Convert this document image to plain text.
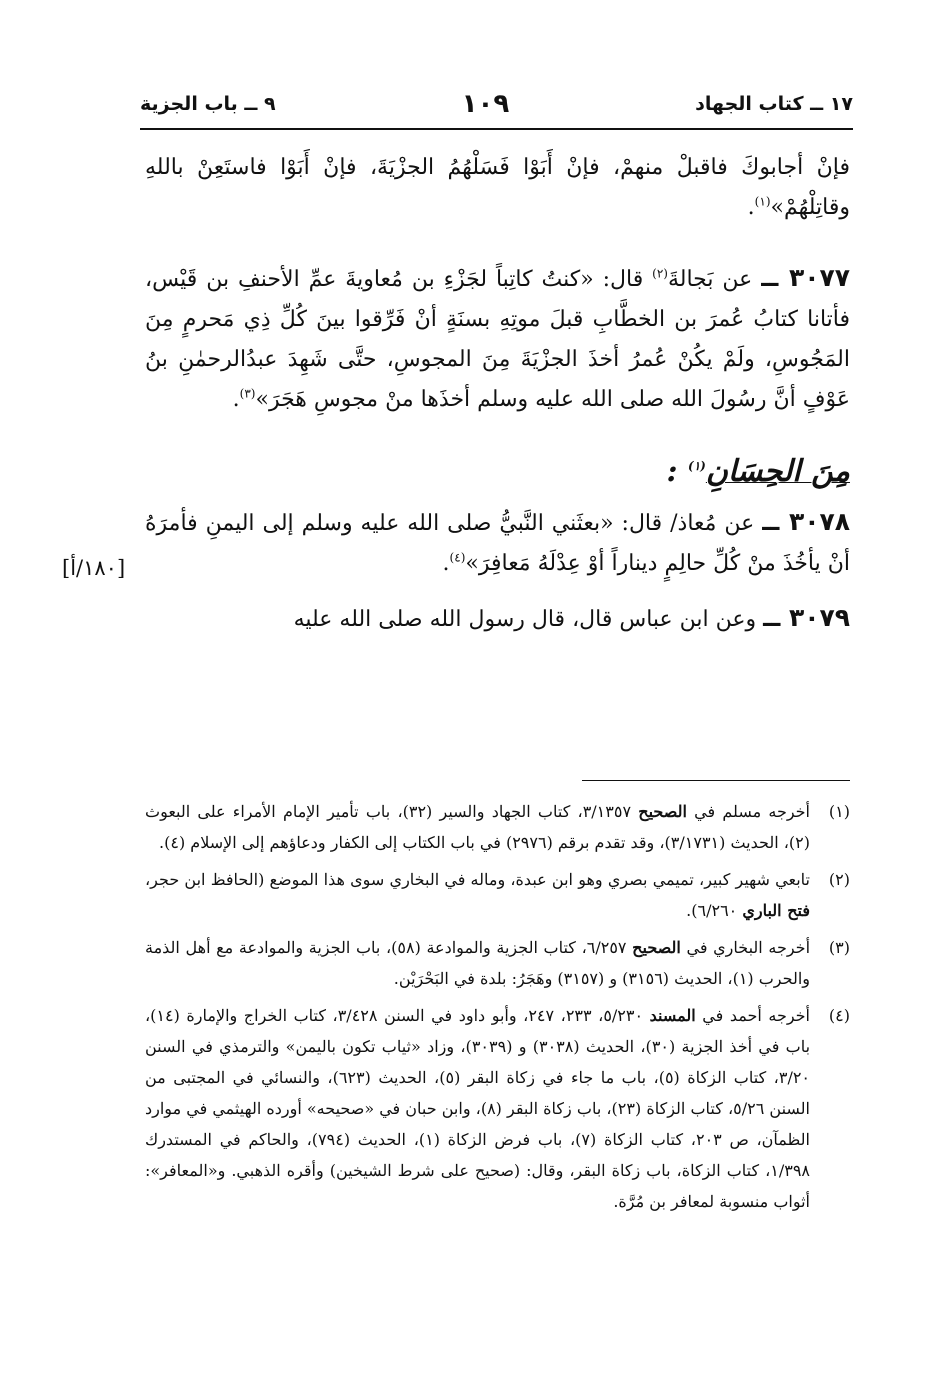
١٧ ــ كتاب الجهاد
١٠٩
٩ ــ باب الجزية
[١٨٠/أ]

فإنْ أجابوكَ فاقبلْ منهمْ، فإنْ أَبَوْا فَسَلْهُمُ الجزْيَةَ، فإنْ أَبَوْا فاستَعِنْ باللهِ وقاتِلْهُمْ»$^{(١)}$.

٣٠٧٧ ــ عن بَجالةَ$^{(٢)}$ قال: «كنتُ كاتِباً لجَزْءِ بن مُعاويةَ عمِّ الأحنفِ بن قَيْس، فأتانا كتابُ عُمرَ بن الخطَّابِ قبلَ موتِهِ بسنَةٍ أنْ فَرِّقوا بينَ كُلِّ ذِي مَحرمٍ مِنَ المَجُوسِ، ولَمْ يكُنْ عُمرُ أخذَ الجزْيَةَ مِنَ المجوسِ، حتَّى شَهِدَ عبدُالرحمٰنِ بنُ عَوْفٍ أنَّ رسُولَ الله صلى الله عليه وسلم أخذَها منْ مجوسِ هَجَرَ»$^{(٣)}$.

مِنَ الحِسَانِ$^{(١)}$ :

٣٠٧٨ ــ عن مُعاذ/ قال: «بعثَني النَّبيُّ صلى الله عليه وسلم إلى اليمنِ فأمرَهُ أنْ يأخُذَ منْ كُلِّ حالِمٍ ديناراً أوْ عِدْلَهُ مَعافِرَ»$^{(٤)}$.

٣٠٧٩ ــ وعن ابن عباس قال، قال رسول الله صلى الله عليه

(١)
أخرجه مسلم في الصحيح ٣/١٣٥٧، كتاب الجهاد والسير (٣٢)، باب تأمير الإمام الأمراء على البعوث (٢)، الحديث (٣/١٧٣١)، وقد تقدم برقم (٢٩٧٦) في باب الكتاب إلى الكفار ودعاؤهم إلى الإسلام (٤).
(٢)
تابعي شهير كبير، تميمي بصري وهو ابن عبدة، وماله في البخاري سوى هذا الموضع (الحافظ ابن حجر، فتح الباري ٦/٢٦٠).
(٣)
أخرجه البخاري في الصحيح ٦/٢٥٧، كتاب الجزية والموادعة (٥٨)، باب الجزية والموادعة مع أهل الذمة والحرب (١)، الحديث (٣١٥٦) و (٣١٥٧) وهَجَرُ: بلدة في البَحْرَيْن.
(٤)
أخرجه أحمد في المسند ٥/٢٣٠، ٢٣٣، ٢٤٧، وأبو داود في السنن ٣/٤٢٨، كتاب الخراج والإمارة (١٤)، باب في أخذ الجزية (٣٠)، الحديث (٣٠٣٨) و (٣٠٣٩)، وزاد «ثياب تكون باليمن» والترمذي في السنن ٣/٢٠، كتاب الزكاة (٥)، باب ما جاء في زكاة البقر (٥)، الحديث (٦٢٣)، والنسائي في المجتبى من السنن ٥/٢٦، كتاب الزكاة (٢٣)، باب زكاة البقر (٨)، وابن حبان في «صحيحه» أورده الهيثمي في موارد الظمآن، ص ٢٠٣، كتاب الزكاة (٧)، باب فرض الزكاة (١)، الحديث (٧٩٤)، والحاكم في المستدرك ١/٣٩٨، كتاب الزكاة، باب زكاة البقر، وقال: (صحيح على شرط الشيخين) وأقره الذهبي. و«المعافر»: أثواب منسوبة لمعافر بن مُرَّة.
